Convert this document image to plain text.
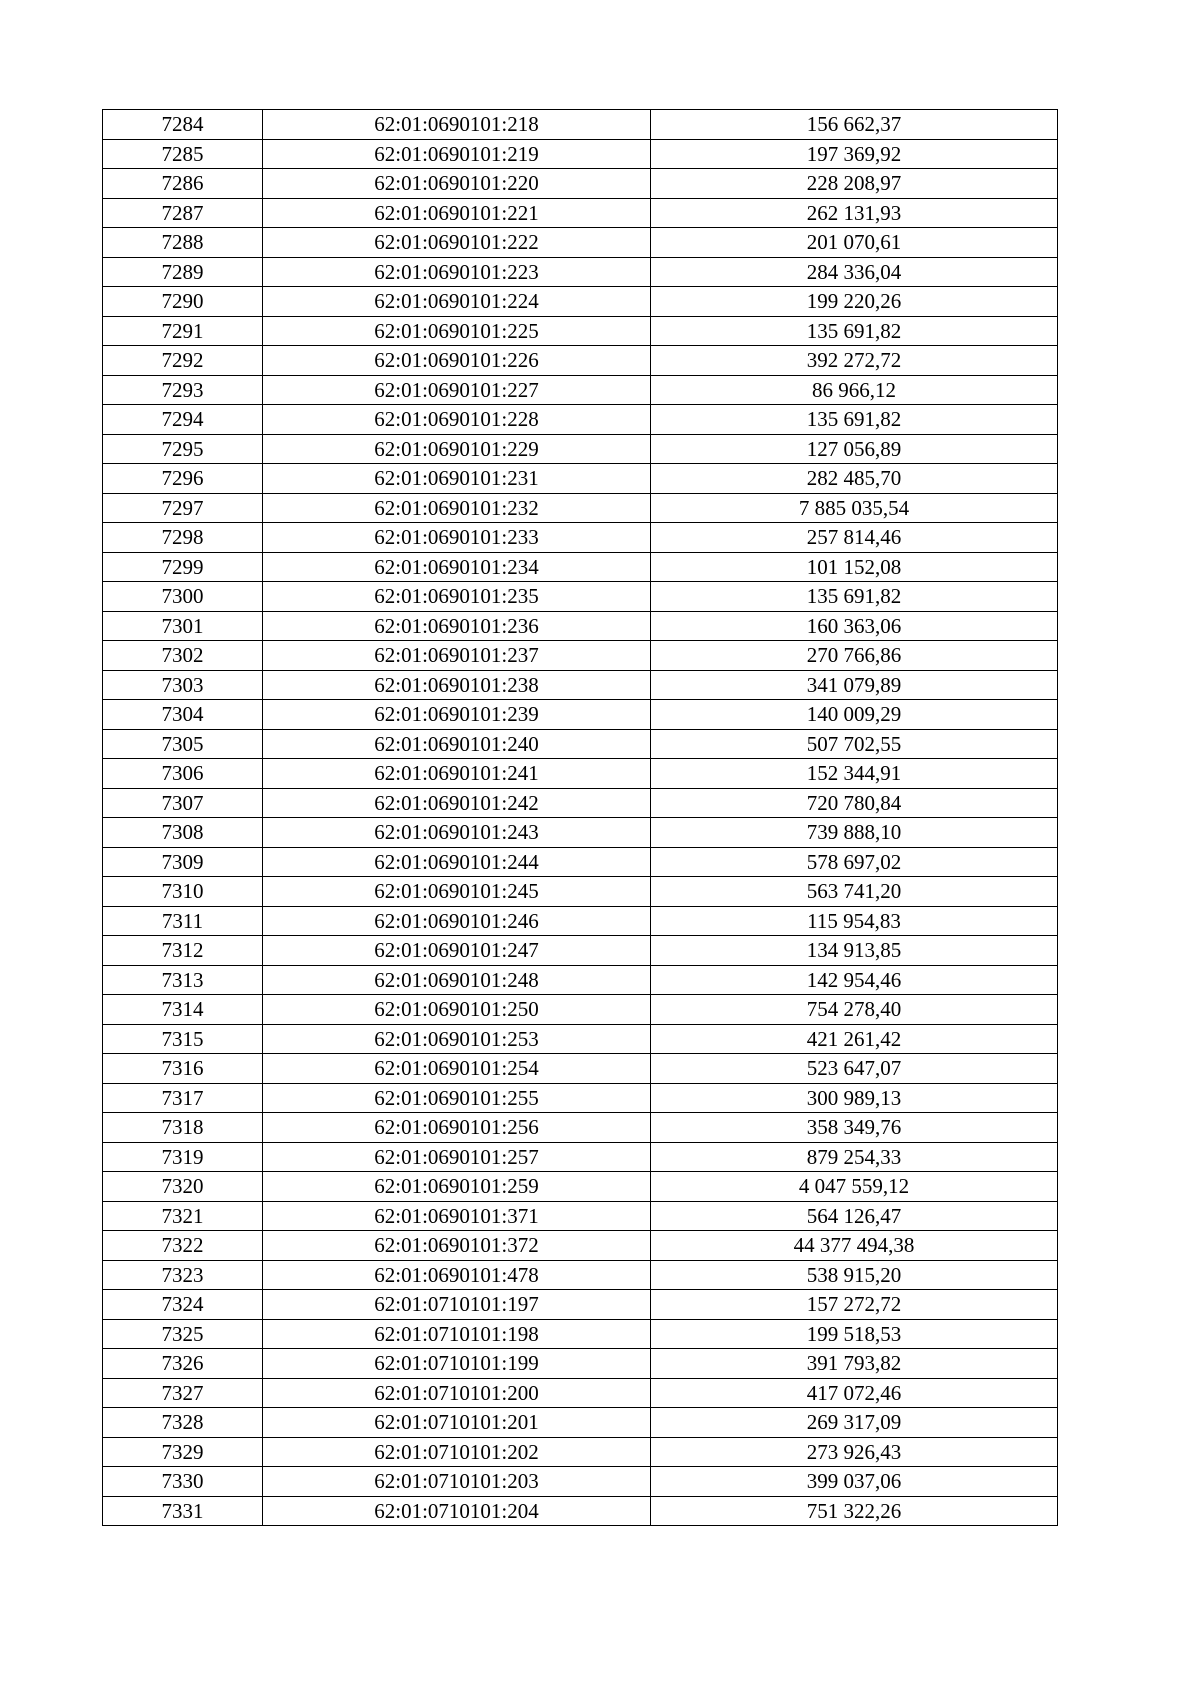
7284	62:01:0690101:218	156 662,37
7285	62:01:0690101:219	197 369,92
7286	62:01:0690101:220	228 208,97
7287	62:01:0690101:221	262 131,93
7288	62:01:0690101:222	201 070,61
7289	62:01:0690101:223	284 336,04
7290	62:01:0690101:224	199 220,26
7291	62:01:0690101:225	135 691,82
7292	62:01:0690101:226	392 272,72
7293	62:01:0690101:227	86 966,12
7294	62:01:0690101:228	135 691,82
7295	62:01:0690101:229	127 056,89
7296	62:01:0690101:231	282 485,70
7297	62:01:0690101:232	7 885 035,54
7298	62:01:0690101:233	257 814,46
7299	62:01:0690101:234	101 152,08
7300	62:01:0690101:235	135 691,82
7301	62:01:0690101:236	160 363,06
7302	62:01:0690101:237	270 766,86
7303	62:01:0690101:238	341 079,89
7304	62:01:0690101:239	140 009,29
7305	62:01:0690101:240	507 702,55
7306	62:01:0690101:241	152 344,91
7307	62:01:0690101:242	720 780,84
7308	62:01:0690101:243	739 888,10
7309	62:01:0690101:244	578 697,02
7310	62:01:0690101:245	563 741,20
7311	62:01:0690101:246	115 954,83
7312	62:01:0690101:247	134 913,85
7313	62:01:0690101:248	142 954,46
7314	62:01:0690101:250	754 278,40
7315	62:01:0690101:253	421 261,42
7316	62:01:0690101:254	523 647,07
7317	62:01:0690101:255	300 989,13
7318	62:01:0690101:256	358 349,76
7319	62:01:0690101:257	879 254,33
7320	62:01:0690101:259	4 047 559,12
7321	62:01:0690101:371	564 126,47
7322	62:01:0690101:372	44 377 494,38
7323	62:01:0690101:478	538 915,20
7324	62:01:0710101:197	157 272,72
7325	62:01:0710101:198	199 518,53
7326	62:01:0710101:199	391 793,82
7327	62:01:0710101:200	417 072,46
7328	62:01:0710101:201	269 317,09
7329	62:01:0710101:202	273 926,43
7330	62:01:0710101:203	399 037,06
7331	62:01:0710101:204	751 322,26
